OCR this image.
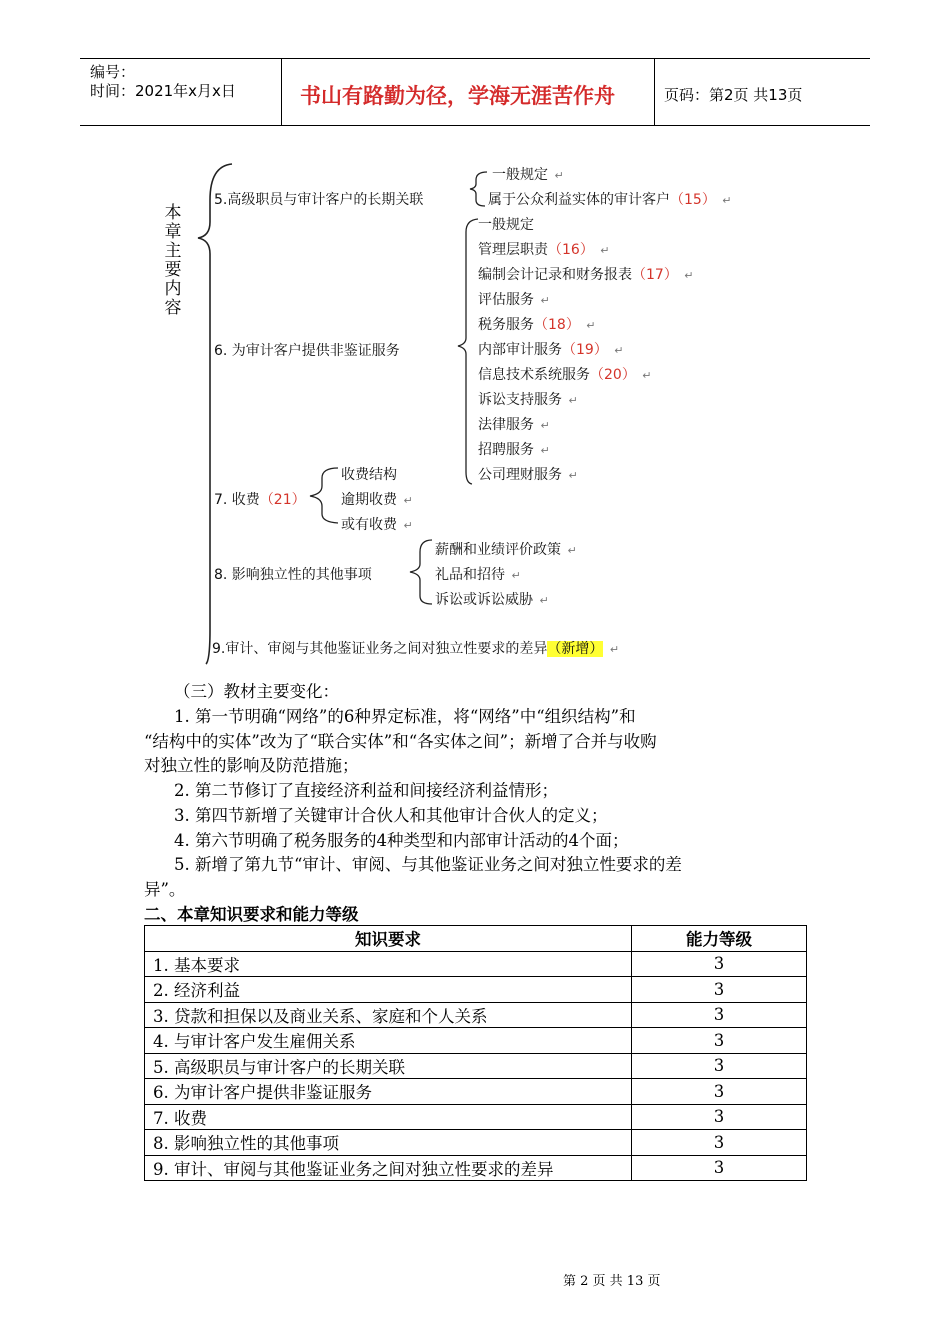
编号：
时间：2021年x月x日	书山有路勤为径，学海无涯苦作舟	页码：第2页 共13页
本章主要内容
5.高级职员与审计客户的长期关联
一般规定 ↵
属于公众利益实体的审计客户（15） ↵
6. 为审计客户提供非鉴证服务
一般规定
管理层职责（16） ↵
编制会计记录和财务报表（17） ↵
评估服务 ↵
税务服务（18） ↵
内部审计服务（19） ↵
信息技术系统服务（20） ↵
诉讼支持服务 ↵
法律服务 ↵
招聘服务 ↵
公司理财服务 ↵
7. 收费（21）
收费结构
逾期收费 ↵
或有收费 ↵
8. 影响独立性的其他事项
薪酬和业绩评价政策 ↵
礼品和招待 ↵
诉讼或诉讼威胁 ↵
9.审计、审阅与其他鉴证业务之间对独立性要求的差异（新增） ↵
（三）教材主要变化：
1. 第一节明确“网络”的6种界定标准，将“网络”中“组织结构”和
“结构中的实体”改为了“联合实体”和“各实体之间”；新增了合并与收购
对独立性的影响及防范措施；
2. 第二节修订了直接经济利益和间接经济利益情形；
3. 第四节新增了关键审计合伙人和其他审计合伙人的定义；
4. 第六节明确了税务服务的4种类型和内部审计活动的4个面；
5. 新增了第九节“审计、审阅、与其他鉴证业务之间对独立性要求的差
异”。
二、本章知识要求和能力等级
知识要求	能力等级
1. 基本要求	3
2. 经济利益	3
3. 贷款和担保以及商业关系、家庭和个人关系	3
4. 与审计客户发生雇佣关系	3
5. 高级职员与审计客户的长期关联	3
6. 为审计客户提供非鉴证服务	3
7. 收费	3
8. 影响独立性的其他事项	3
9. 审计、审阅与其他鉴证业务之间对独立性要求的差异	3
第 2 页 共 13 页
